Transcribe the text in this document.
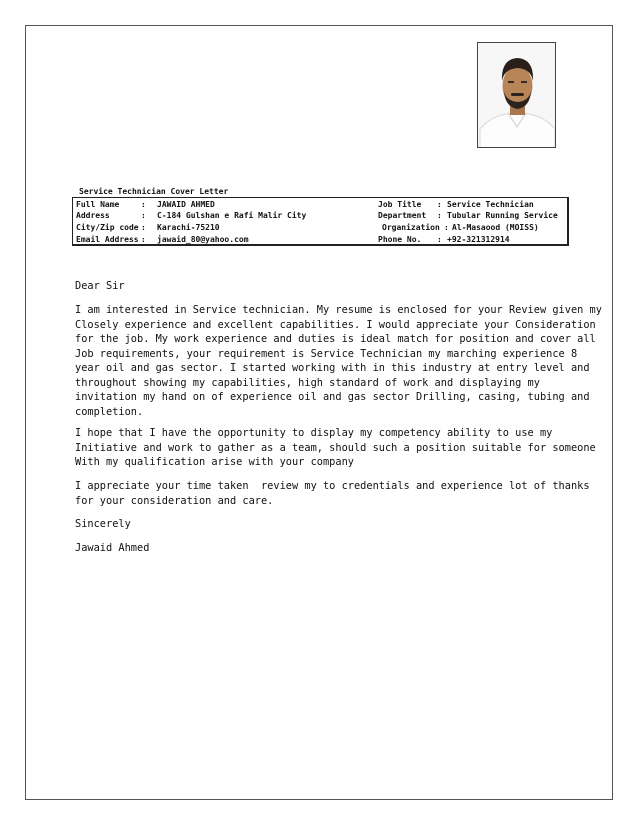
Service Technician Cover Letter
Full Name	: JAWAID AHMED
Address	: C-184 Gulshan e Rafi Malir City
City/Zip code : Karachi-75210
Email Address : jawaid_80@yahoo.com
Job Title : Service Technician
Department : Tubular Running Service
Organization : Al-Masaood (MOISS)
Phone No. : +92-321312914
Dear Sir
I am interested in Service technician. My resume is enclosed for your Review given my
Closely experience and excellent capabilities. I would appreciate your Consideration
for the job. My work experience and duties is ideal match for position and cover all
Job requirements, your requirement is Service Technician my marching experience 8
year oil and gas sector. I started working with in this industry at entry level and
throughout showing my capabilities, high standard of work and displaying my
invitation my hand on of experience oil and gas sector Drilling, casing, tubing and
completion.
I hope that I have the opportunity to display my competency ability to use my
Initiative and work to gather as a team, should such a position suitable for someone
With my qualification arise with your company
I appreciate your time taken  review my to credentials and experience lot of thanks
for your consideration and care.
Sincerely
Jawaid Ahmed
